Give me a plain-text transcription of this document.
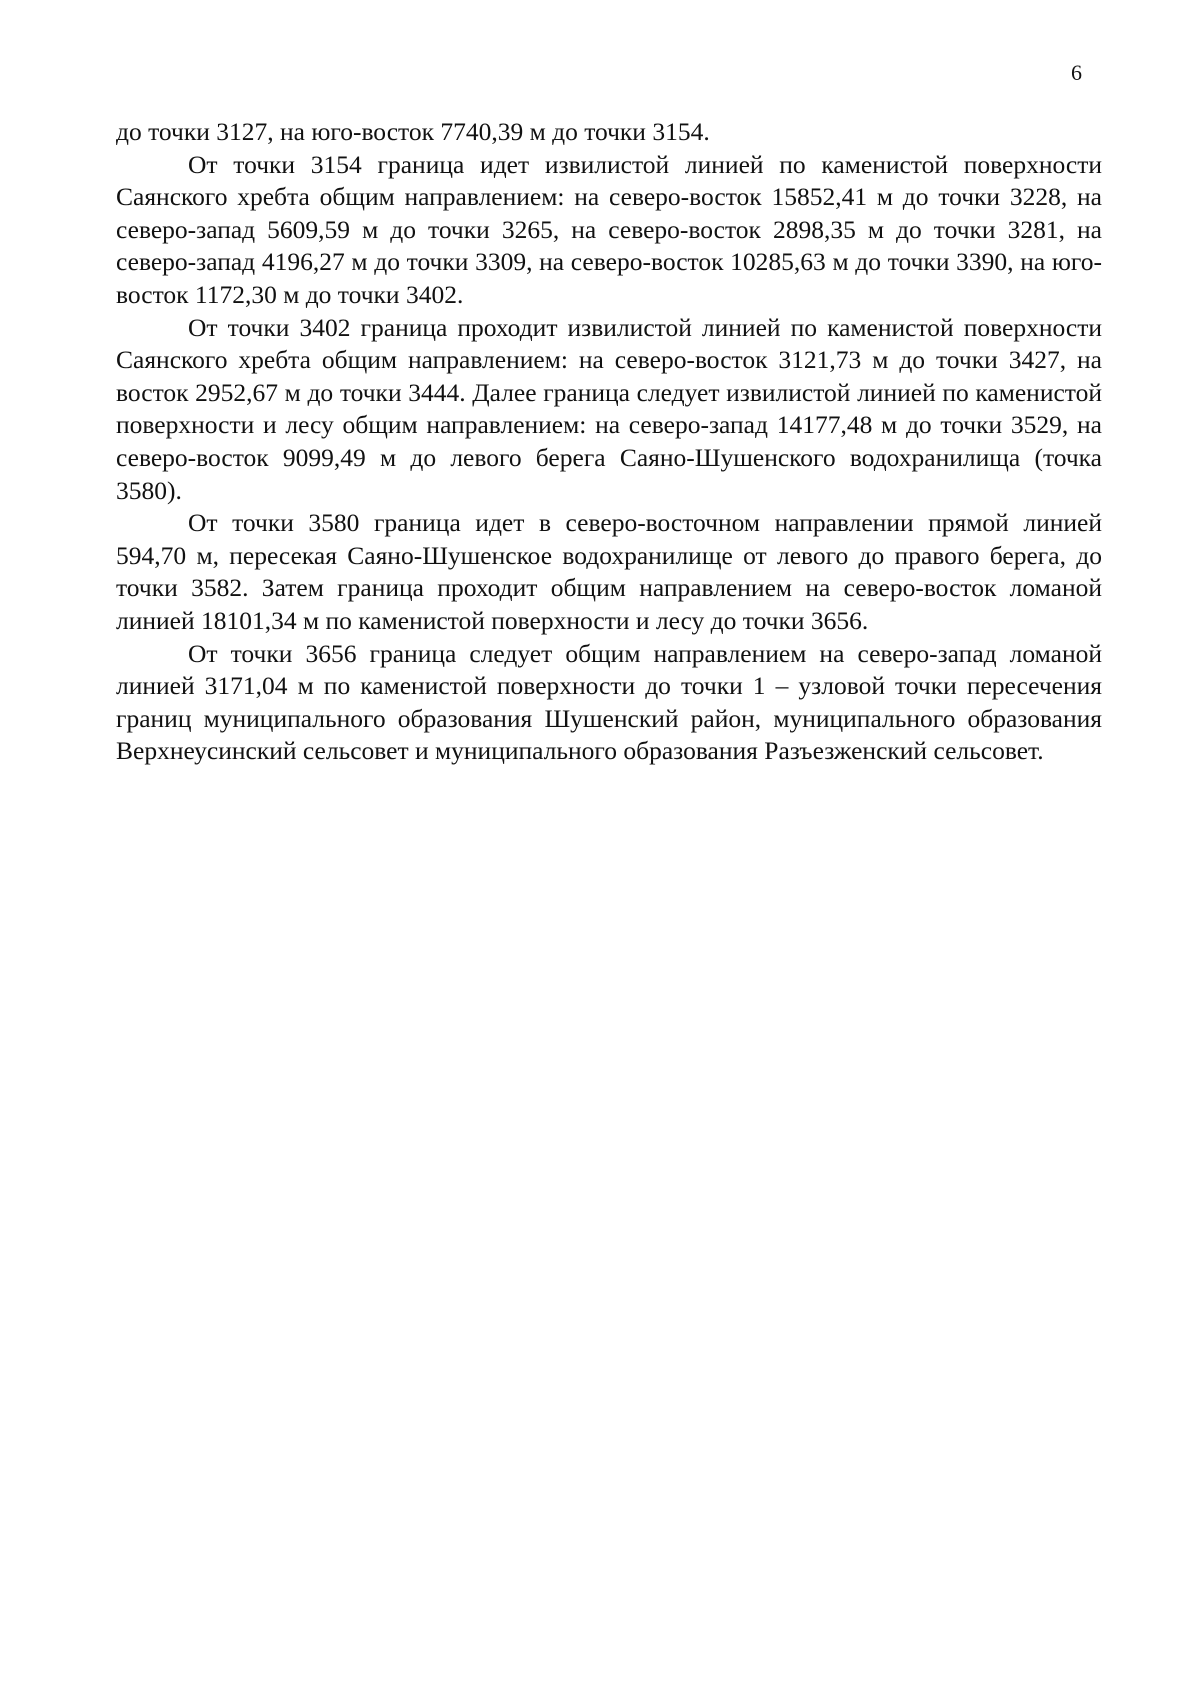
6

до точки 3127, на юго-восток 7740,39 м до точки 3154.

От точки 3154 граница идет извилистой линией по каменистой поверхности Саянского хребта общим направлением: на северо-восток 15852,41 м до точки 3228, на северо-запад 5609,59 м до точки 3265, на северо-восток 2898,35 м до точки 3281, на северо-запад 4196,27 м до точки 3309, на северо-восток 10285,63 м до точки 3390, на юго-восток 1172,30 м до точки 3402.

От точки 3402 граница проходит извилистой линией по каменистой поверхности Саянского хребта общим направлением: на северо-восток 3121,73 м до точки 3427, на восток 2952,67 м до точки 3444. Далее граница следует извилистой линией по каменистой поверхности и лесу общим направлением: на северо-запад 14177,48 м до точки 3529, на северо-восток 9099,49 м до левого берега Саяно-Шушенского водохранилища (точка 3580).

От точки 3580 граница идет в северо-восточном направлении прямой линией 594,70 м, пересекая Саяно-Шушенское водохранилище от левого до правого берега, до точки 3582. Затем граница проходит общим направлением на северо-восток ломаной линией 18101,34 м по каменистой поверхности и лесу до точки 3656.

От точки 3656 граница следует общим направлением на северо-запад ломаной линией 3171,04 м по каменистой поверхности до точки 1 – узловой точки пересечения границ муниципального образования Шушенский район, муниципального образования Верхнеусинский сельсовет и муниципального образования Разъезженский сельсовет.
